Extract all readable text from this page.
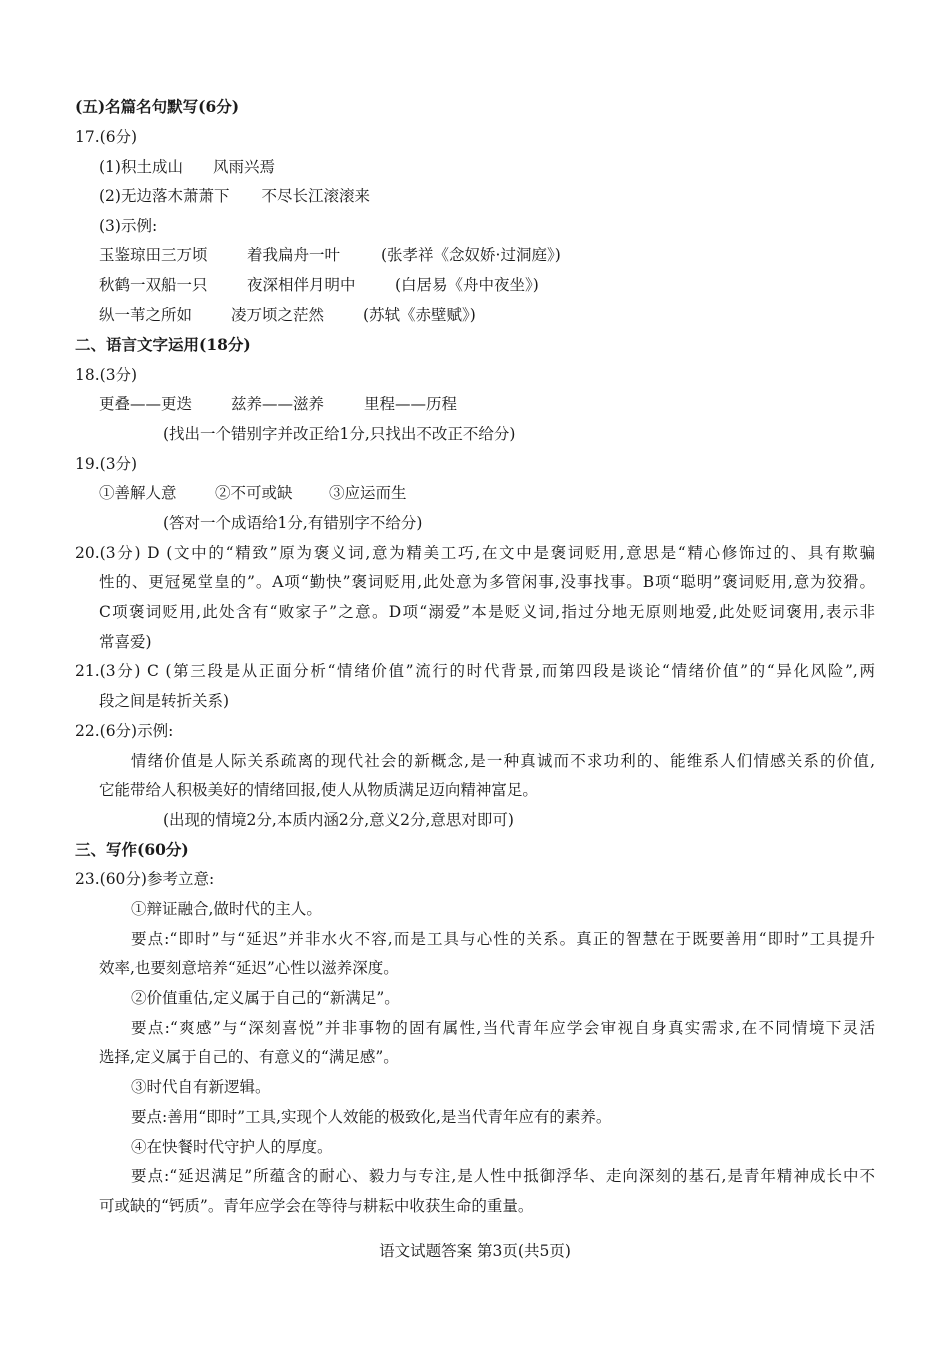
(五)名篇名句默写(6分)
17.(6分)
(1)积土成山 风雨兴焉
(2)无边落木萧萧下 不尽长江滚滚来
(3)示例:
玉鉴琼田三万顷	着我扁舟一叶	(张孝祥《念奴娇·过洞庭》)
秋鹤一双船一只	夜深相伴月明中	(白居易《舟中夜坐》)
纵一苇之所如	凌万顷之茫然	(苏轼《赤壁赋》)
二、语言文字运用(18分)
18.(3分)
更叠——更迭	兹养——滋养	里程——历程
(找出一个错别字并改正给1分,只找出不改正不给分)
19.(3分)
①善解人意 ②不可或缺 ③应运而生
(答对一个成语给1分,有错别字不给分)
20.(3分) D (文中的“精致”原为褒义词,意为精美工巧,在文中是褒词贬用,意思是“精心修饰过的、具有欺骗
性的、更冠冕堂皇的”。A项“勤快”褒词贬用,此处意为多管闲事,没事找事。B项“聪明”褒词贬用,意为狡猾。
C项褒词贬用,此处含有“败家子”之意。D项“溺爱”本是贬义词,指过分地无原则地爱,此处贬词褒用,表示非
常喜爱)
21.(3分) C (第三段是从正面分析“情绪价值”流行的时代背景,而第四段是谈论“情绪价值”的“异化风险”,两
段之间是转折关系)
22.(6分)示例:
情绪价值是人际关系疏离的现代社会的新概念,是一种真诚而不求功利的、能维系人们情感关系的价值,
它能带给人积极美好的情绪回报,使人从物质满足迈向精神富足。
(出现的情境2分,本质内涵2分,意义2分,意思对即可)
三、写作(60分)
23.(60分)参考立意:
①辩证融合,做时代的主人。
要点:“即时”与“延迟”并非水火不容,而是工具与心性的关系。真正的智慧在于既要善用“即时”工具提升
效率,也要刻意培养“延迟”心性以滋养深度。
②价值重估,定义属于自己的“新满足”。
要点:“爽感”与“深刻喜悦”并非事物的固有属性,当代青年应学会审视自身真实需求,在不同情境下灵活
选择,定义属于自己的、有意义的“满足感”。
③时代自有新逻辑。
要点:善用“即时”工具,实现个人效能的极致化,是当代青年应有的素养。
④在快餐时代守护人的厚度。
要点:“延迟满足”所蕴含的耐心、毅力与专注,是人性中抵御浮华、走向深刻的基石,是青年精神成长中不
可或缺的“钙质”。青年应学会在等待与耕耘中收获生命的重量。
语文试题答案 第3页(共5页)
